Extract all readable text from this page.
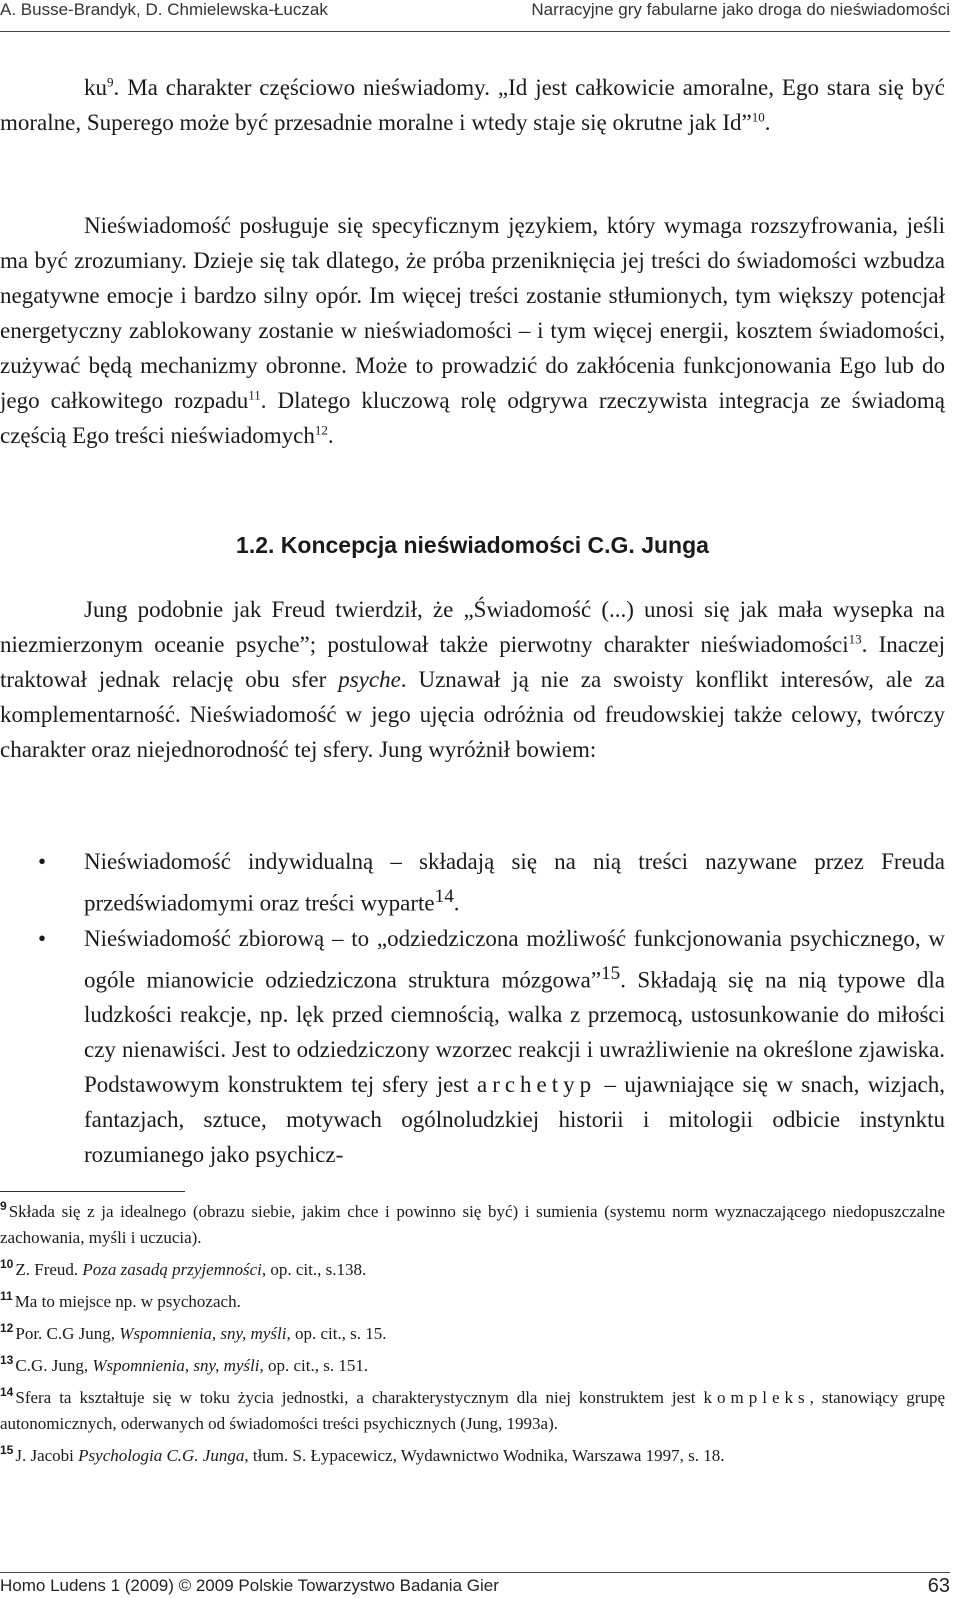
A. Busse-Brandyk, D. Chmielewska-Łuczak	Narracyjne gry fabularne jako droga do nieświadomości

$ku^9$. Ma charakter częściowo nieświadomy. „Id jest całkowicie amoralne, Ego stara się być moralne, Superego może być przesadnie moralne i wtedy staje się okrutne jak Id”$^{10}$.

Nieświadomość posługuje się specyficznym językiem, który wymaga rozszyfrowania, jeśli ma być zrozumiany. Dzieje się tak dlatego, że próba przeniknięcia jej treści do świadomości wzbudza negatywne emocje i bardzo silny opór. Im więcej treści zostanie stłumionych, tym większy potencjał energetyczny zablokowany zostanie w nieświadomości – i tym więcej energii, kosztem świadomości, zużywać będą mechanizmy obronne. Może to prowadzić do zakłócenia funkcjonowania Ego lub do jego całkowitego rozpadu$^{11}$. Dlatego kluczową rolę odgrywa rzeczywista integracja ze świadomą częścią Ego treści nieświadomych$^{12}$.

1.2. Koncepcja nieświadomości C.G. Junga

Jung podobnie jak Freud twierdził, że „Świadomość (...) unosi się jak mała wysepka na niezmierzonym oceanie psyche”; postulował także pierwotny charakter nieświadomości$^{13}$. Inaczej traktował jednak relację obu sfer psyche. Uznawał ją nie za swoisty konflikt interesów, ale za komplementarność. Nieświadomość w jego ujęcia odróżnia od freudowskiej także celowy, twórczy charakter oraz niejednorodność tej sfery. Jung wyróżnił bowiem:

• Nieświadomość indywidualną – składają się na nią treści nazywane przez Freuda przedświadomymi oraz treści wyparte$^{14}$.
• Nieświadomość zbiorową – to „odziedziczona możliwość funkcjonowania psychicznego, w ogóle mianowicie odziedziczona struktura mózgowa”$^{15}$. Składają się na nią typowe dla ludzkości reakcje, np. lęk przed ciemnością, walka z przemocą, ustosunkowanie do miłości czy nienawiści. Jest to odziedziczony wzorzec reakcji i uwrażliwienie na określone zjawiska. Podstawowym konstruktem tej sfery jest archetyp – ujawniające się w snach, wizjach, fantazjach, sztuce, motywach ogólnoludzkiej historii i mitologii odbicie instynktu rozumianego jako psychicz-

$^9$ Składa się z ja idealnego (obrazu siebie, jakim chce i powinno się być) i sumienia (systemu norm wyznaczającego niedopuszczalne zachowania, myśli i uczucia).

$^{10}$ Z. Freud. Poza zasadą przyjemności, op. cit., s.138.

$^{11}$ Ma to miejsce np. w psychozach.

$^{12}$ Por. C.G Jung, Wspomnienia, sny, myśli, op. cit., s. 15.

$^{13}$ C.G. Jung, Wspomnienia, sny, myśli, op. cit., s. 151.

$^{14}$ Sfera ta kształtuje się w toku życia jednostki, a charakterystycznym dla niej konstruktem jest kompleks, stanowiący grupę autonomicznych, oderwanych od świadomości treści psychicznych (Jung, 1993a).

$^{15}$ J. Jacobi Psychologia C.G. Junga, tłum. S. Łypacewicz, Wydawnictwo Wodnika, Warszawa 1997, s. 18.

Homo Ludens 1 (2009) © 2009 Polskie Towarzystwo Badania Gier	63
